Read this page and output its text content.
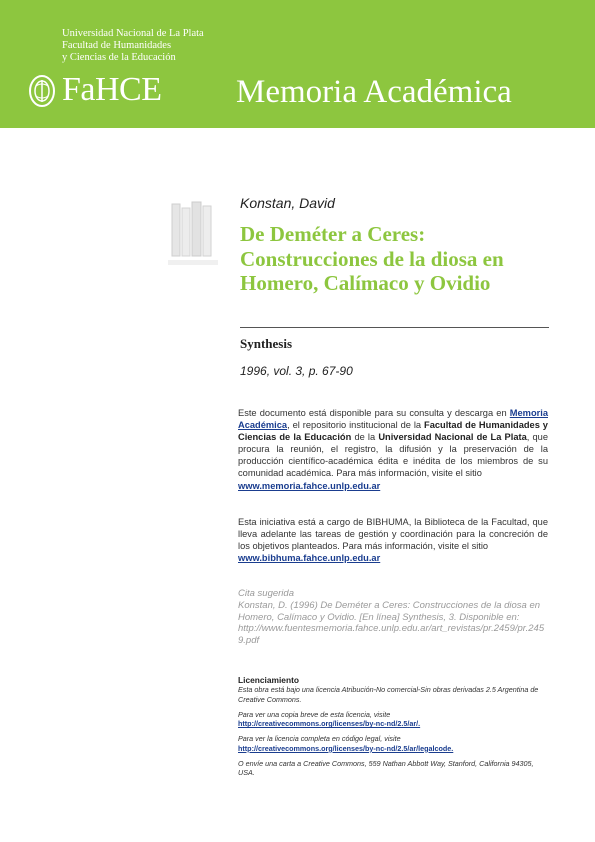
Universidad Nacional de La Plata
Facultad de Humanidades
y Ciencias de la Educación
FaHCE Memoria Académica
Konstan, David
De Deméter a Ceres: Construcciones de la diosa en Homero, Calímaco y Ovidio
Synthesis
1996, vol. 3, p. 67-90
Este documento está disponible para su consulta y descarga en Memoria Académica, el repositorio institucional de la Facultad de Humanidades y Ciencias de la Educación de la Universidad Nacional de La Plata, que procura la reunión, el registro, la difusión y la preservación de la producción científico-académica édita e inédita de los miembros de su comunidad académica. Para más información, visite el sitio
www.memoria.fahce.unlp.edu.ar
Esta iniciativa está a cargo de BIBHUMA, la Biblioteca de la Facultad, que lleva adelante las tareas de gestión y coordinación para la concreción de los objetivos planteados. Para más información, visite el sitio
www.bibhuma.fahce.unlp.edu.ar
Cita sugerida
Konstan, D. (1996) De Deméter a Ceres: Construcciones de la diosa en Homero, Calímaco y Ovidio. [En línea] Synthesis, 3. Disponible en:
http://www.fuentesmemoria.fahce.unlp.edu.ar/art_revistas/pr.2459/pr.2459.pdf
Licenciamiento
Esta obra está bajo una licencia Atribución-No comercial-Sin obras derivadas 2.5 Argentina de Creative Commons.
Para ver una copia breve de esta licencia, visite
http://creativecommons.org/licenses/by-nc-nd/2.5/ar/.
Para ver la licencia completa en código legal, visite
http://creativecommons.org/licenses/by-nc-nd/2.5/ar/legalcode.
O envíe una carta a Creative Commons, 559 Nathan Abbott Way, Stanford, California 94305, USA.
